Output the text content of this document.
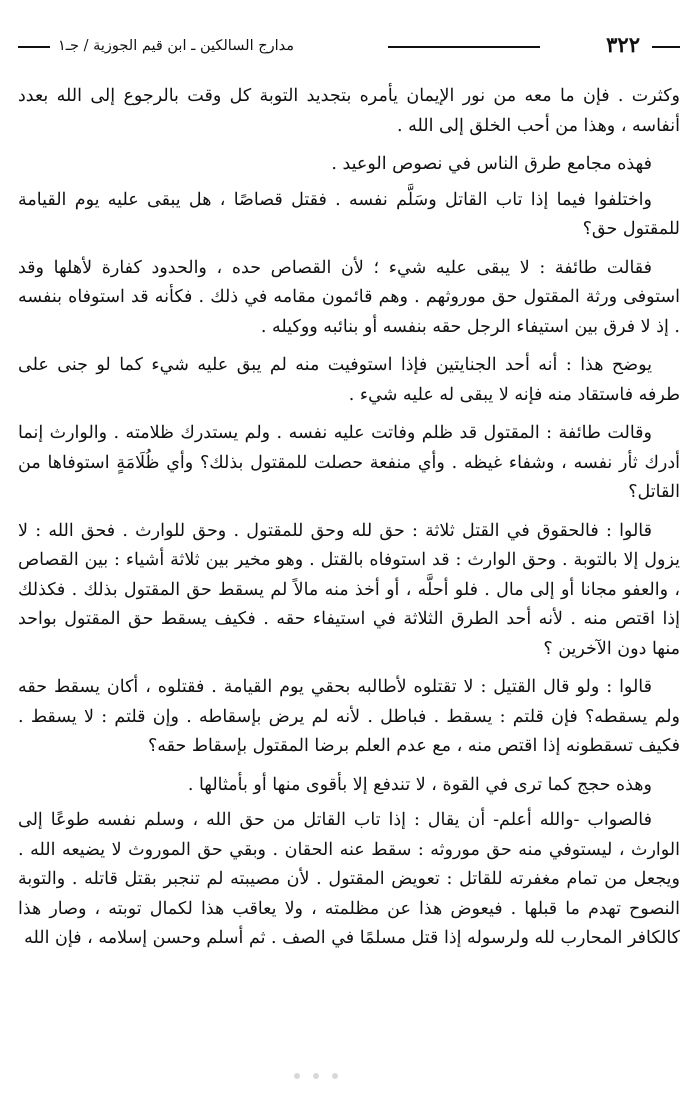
٣٢٢
مدارج السالكين ـ ابن قيم الجوزية / جـ١

وكثرت . فإن ما معه من نور الإيمان يأمره بتجديد التوبة كل وقت بالرجوع إلى الله بعدد أنفاسه ، وهذا من أحب الخلق إلى الله .

فهذه مجامع طرق الناس في نصوص الوعيد .

واختلفوا فيما إذا تاب القاتل وسَلَّم نفسه . فقتل قصاصًا ، هل يبقى عليه يوم القيامة للمقتول حق؟

فقالت طائفة : لا يبقى عليه شيء ؛ لأن القصاص حده ، والحدود كفارة لأهلها وقد استوفى ورثة المقتول حق موروثهم . وهم قائمون مقامه في ذلك . فكأنه قد استوفاه بنفسه . إذ لا فرق بين استيفاء الرجل حقه بنفسه أو بنائبه ووكيله .

يوضح هذا : أنه أحد الجنايتين فإذا استوفيت منه لم يبق عليه شيء كما لو جنى على طرفه فاستقاد منه فإنه لا يبقى له عليه شيء .

وقالت طائفة : المقتول قد ظلم وفاتت عليه نفسه . ولم يستدرك ظلامته . والوارث إنما أدرك ثأر نفسه ، وشفاء غيظه . وأي منفعة حصلت للمقتول بذلك؟ وأي ظُلَامَةٍ استوفاها من القاتل؟

قالوا : فالحقوق في القتل ثلاثة : حق لله وحق للمقتول . وحق للوارث . فحق الله : لا يزول إلا بالتوبة . وحق الوارث : قد استوفاه بالقتل . وهو مخير بين ثلاثة أشياء : بين القصاص ، والعفو مجانا أو إلى مال . فلو أحلَّه ، أو أخذ منه مالاً لم يسقط حق المقتول بذلك . فكذلك إذا اقتص منه . لأنه أحد الطرق الثلاثة في استيفاء حقه . فكيف يسقط حق المقتول بواحد منها دون الآخرين ؟

قالوا : ولو قال القتيل : لا تقتلوه لأطالبه بحقي يوم القيامة . فقتلوه ، أكان يسقط حقه ولم يسقطه؟ فإن قلتم : يسقط . فباطل . لأنه لم يرض بإسقاطه . وإن قلتم : لا يسقط . فكيف تسقطونه إذا اقتص منه ، مع عدم العلم برضا المقتول بإسقاط حقه؟

وهذه حجج كما ترى في القوة ، لا تندفع إلا بأقوى منها أو بأمثالها .

فالصواب -والله أعلم- أن يقال : إذا تاب القاتل من حق الله ، وسلم نفسه طوعًا إلى الوارث ، ليستوفي منه حق موروثه : سقط عنه الحقان . وبقي حق الموروث لا يضيعه الله . ويجعل من تمام مغفرته للقاتل : تعويض المقتول . لأن مصيبته لم تنجبر بقتل قاتله . والتوبة النصوح تهدم ما قبلها . فيعوض هذا عن مظلمته ، ولا يعاقب هذا لكمال توبته ، وصار هذا كالكافر المحارب لله ولرسوله إذا قتل مسلمًا في الصف . ثم أسلم وحسن إسلامه ، فإن الله
